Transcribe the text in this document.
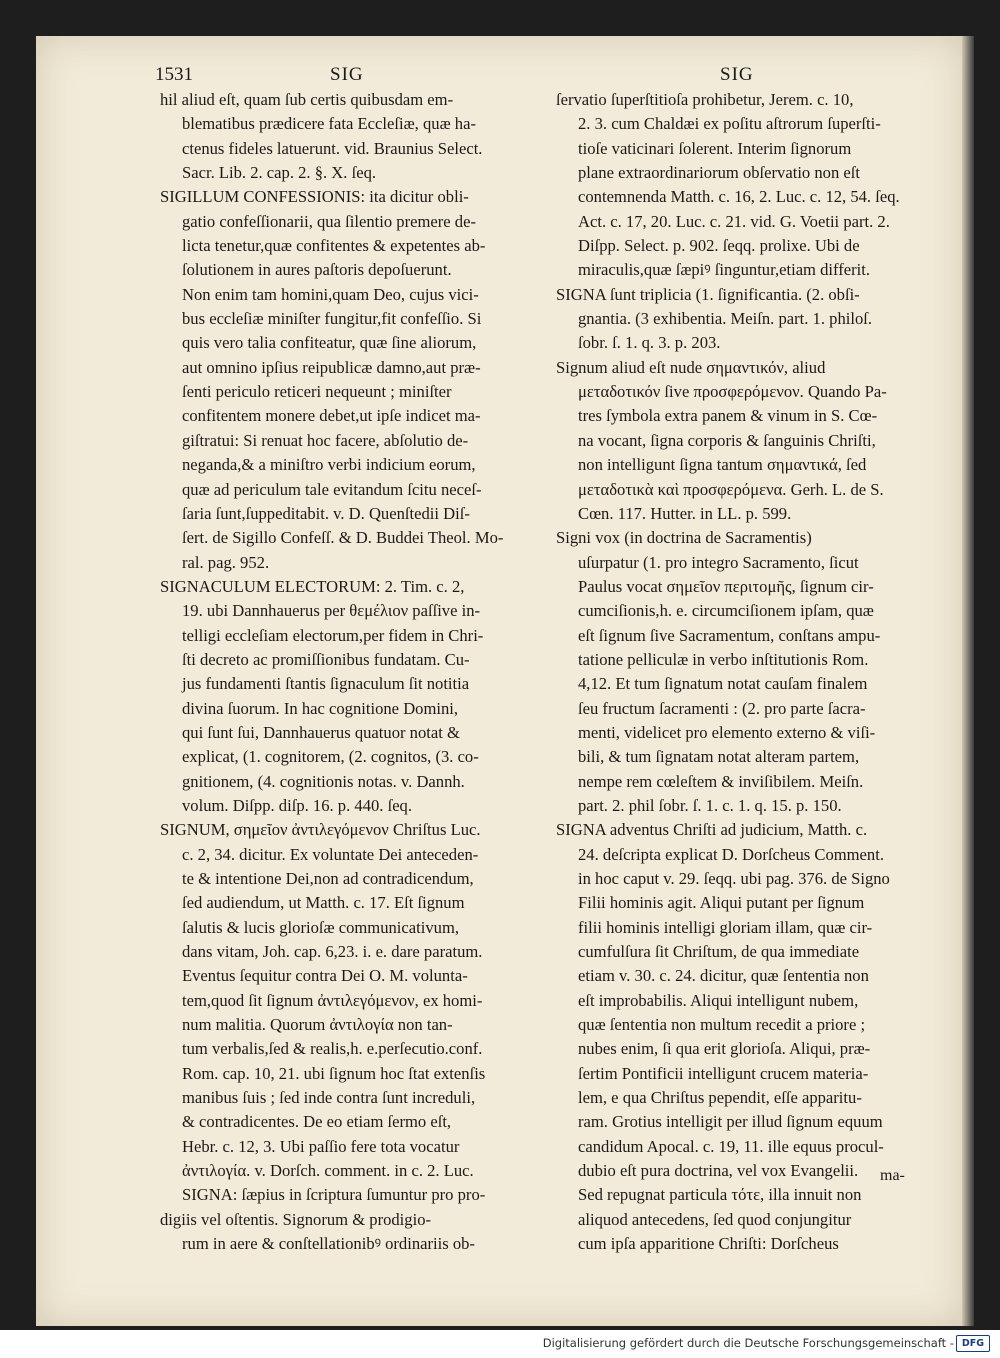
1531	SIG	SIG
hil aliud eſt, quam ſub certis quibusdam em-
blematibus prædicere fata Eccleſiæ, quæ ha-
ctenus fideles latuerunt. vid. Braunius Select.
Sacr. Lib. 2. cap. 2. §. X. ſeq.
SIGILLUM CONFESSIONIS: ita dicitur obli-
gatio confeſſionarii, qua ſilentio premere de-
licta tenetur,quæ confitentes & expetentes ab-
ſolutionem in aures paſtoris depoſuerunt.
Non enim tam homini,quam Deo, cujus vici-
bus eccleſiæ miniſter fungitur,fit confeſſio. Si
quis vero talia confiteatur, quæ ſine aliorum,
aut omnino ipſius reipublicæ damno,aut præ-
ſenti periculo reticeri nequeunt ; miniſter
confitentem monere debet,ut ipſe indicet ma-
giſtratui: Si renuat hoc facere, abſolutio de-
neganda,& a miniſtro verbi indicium eorum,
quæ ad periculum tale evitandum ſcitu neceſ-
ſaria ſunt,ſuppeditabit. v. D. Quenſtedii Diſ-
ſert. de Sigillo Confeſſ. & D. Buddei Theol. Mo-
ral. pag. 952.
SIGNACULUM ELECTORUM: 2. Tim. c. 2,
19. ubi Dannhauerus per θεμέλιον paſſive in-
telligi eccleſiam electorum,per fidem in Chri-
ſti decreto ac promiſſionibus fundatam. Cu-
jus fundamenti ſtantis ſignaculum ſit notitia
divina ſuorum. In hac cognitione Domini,
qui ſunt ſui, Dannhauerus quatuor notat &
explicat, (1. cognitorem, (2. cognitos, (3. co-
gnitionem, (4. cognitionis notas. v. Dannh.
volum. Diſpp. diſp. 16. p. 440. ſeq.
SIGNUM, σημεῖον ἀντιλεγόμενον Chriſtus Luc.
c. 2, 34. dicitur. Ex voluntate Dei anteceden-
te & intentione Dei,non ad contradicendum,
ſed audiendum, ut Matth. c. 17. Eſt ſignum
ſalutis & lucis glorioſæ communicativum,
dans vitam, Joh. cap. 6,23. i. e. dare paratum.
Eventus ſequitur contra Dei O. M. volunta-
tem,quod ſit ſignum ἀντιλεγόμενον, ex homi-
num malitia. Quorum ἀντιλογία non tan-
tum verbalis,ſed & realis,h. e.perſecutio.conf.
Rom. cap. 10, 21. ubi ſignum hoc ſtat extenſis
manibus ſuis ; ſed inde contra ſunt increduli,
& contradicentes. De eo etiam ſermo eſt,
Hebr. c. 12, 3. Ubi paſſio fere tota vocatur
ἀντιλογία. v. Dorſch. comment. in c. 2. Luc.
SIGNA: ſæpius in ſcriptura ſumuntur pro pro-
digiis vel oſtentis. Signorum & prodigio-
rum in aere & conſtellationibꝰ ordinariis ob-
ſervatio ſuperſtitioſa prohibetur, Jerem. c. 10,
2. 3. cum Chaldæi ex poſitu aſtrorum ſuperſti-
tioſe vaticinari ſolerent. Interim ſignorum
plane extraordinariorum obſervatio non eſt
contemnenda Matth. c. 16, 2. Luc. c. 12, 54. ſeq.
Act. c. 17, 20. Luc. c. 21. vid. G. Voetii part. 2.
Diſpp. Select. p. 902. ſeqq. prolixe. Ubi de
miraculis,quæ ſæpiꝰ ſinguntur,etiam differit.
SIGNA ſunt triplicia (1. ſignificantia. (2. obſi-
gnantia. (3 exhibentia. Meiſn. part. 1. philoſ.
ſobr. ſ. 1. q. 3. p. 203.
Signum aliud eſt nude σημαντικόν, aliud
μεταδοτικόν ſive προσφερόμενον. Quando Pa-
tres ſymbola extra panem & vinum in S. Cœ-
na vocant, ſigna corporis & ſanguinis Chriſti,
non intelligunt ſigna tantum σημαντικά, ſed
μεταδοτικὰ καὶ προσφερόμενα. Gerh. L. de S.
Cœn. 117. Hutter. in LL. p. 599.
Signi vox (in doctrina de Sacramentis)
uſurpatur (1. pro integro Sacramento, ſicut
Paulus vocat σημεῖον περιτομῆς, ſignum cir-
cumciſionis,h. e. circumciſionem ipſam, quæ
eſt ſignum ſive Sacramentum, conſtans ampu-
tatione pelliculæ in verbo inſtitutionis Rom.
4,12. Et tum ſignatum notat cauſam finalem
ſeu fructum ſacramenti : (2. pro parte ſacra-
menti, videlicet pro elemento externo & viſi-
bili, & tum ſignatam notat alteram partem,
nempe rem cœleſtem & inviſibilem. Meiſn.
part. 2. phil ſobr. ſ. 1. c. 1. q. 15. p. 150.
SIGNA adventus Chriſti ad judicium, Matth. c.
24. deſcripta explicat D. Dorſcheus Comment.
in hoc caput v. 29. ſeqq. ubi pag. 376. de Signo
Filii hominis agit. Aliqui putant per ſignum
filii hominis intelligi gloriam illam, quæ cir-
cumfulſura ſit Chriſtum, de qua immediate
etiam v. 30. c. 24. dicitur, quæ ſententia non
eſt improbabilis. Aliqui intelligunt nubem,
quæ ſententia non multum recedit a priore ;
nubes enim, ſi qua erit glorioſa. Aliqui, præ-
ſertim Pontificii intelligunt crucem materia-
lem, e qua Chriſtus pependit, eſſe apparitu-
ram. Grotius intelligit per illud ſignum equum
candidum Apocal. c. 19, 11. ille equus procul-
dubio eſt pura doctrina, vel vox Evangelii.
Sed repugnat particula τότε, illa innuit non
aliquod antecedens, ſed quod conjungitur
cum ipſa apparitione Chriſti: Dorſcheus
ma-
Digitalisierung gefördert durch die Deutsche Forschungsgemeinschaft - DFG
